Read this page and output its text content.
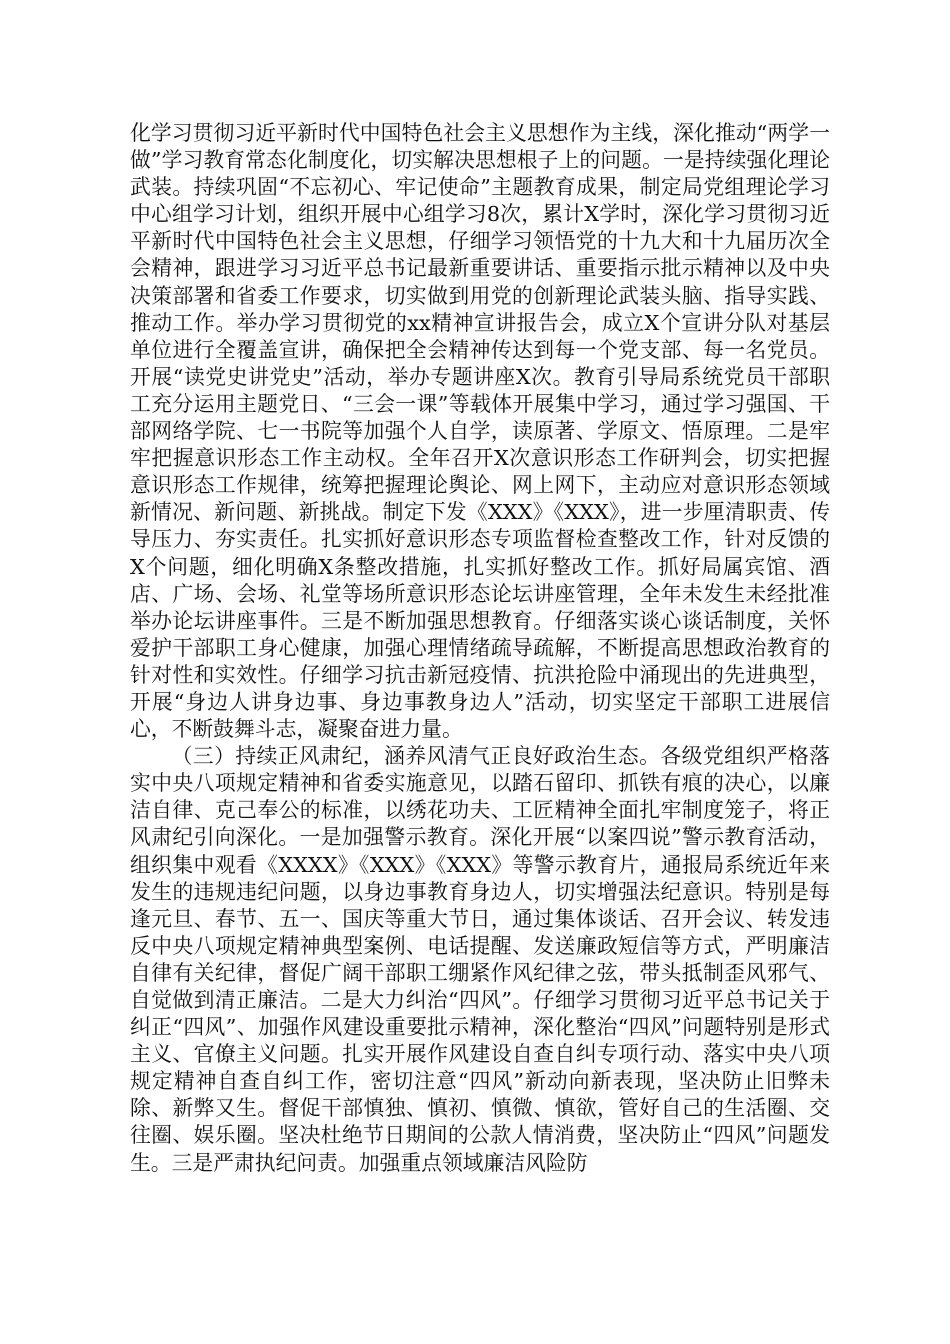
化学习贯彻习近平新时代中国特色社会主义思想作为主线，深化推动“两学一做”学习教育常态化制度化，切实解决思想根子上的问题。一是持续强化理论武装。持续巩固“不忘初心、牢记使命”主题教育成果，制定局党组理论学习中心组学习计划，组织开展中心组学习8次，累计X学时，深化学习贯彻习近平新时代中国特色社会主义思想，仔细学习领悟党的十九大和十九届历次全会精神，跟进学习习近平总书记最新重要讲话、重要指示批示精神以及中央决策部署和省委工作要求，切实做到用党的创新理论武装头脑、指导实践、推动工作。举办学习贯彻党的xx精神宣讲报告会，成立X个宣讲分队对基层单位进行全覆盖宣讲，确保把全会精神传达到每一个党支部、每一名党员。开展“读党史讲党史”活动，举办专题讲座X次。教育引导局系统党员干部职工充分运用主题党日、“三会一课”等载体开展集中学习，通过学习强国、干部网络学院、七一书院等加强个人自学，读原著、学原文、悟原理。二是牢牢把握意识形态工作主动权。全年召开X次意识形态工作研判会，切实把握意识形态工作规律，统筹把握理论舆论、网上网下，主动应对意识形态领域新情况、新问题、新挑战。制定下发《XXX》《XXX》，进一步厘清职责、传导压力、夯实责任。扎实抓好意识形态专项监督检查整改工作，针对反馈的X个问题，细化明确X条整改措施，扎实抓好整改工作。抓好局属宾馆、酒店、广场、会场、礼堂等场所意识形态论坛讲座管理，全年未发生未经批准举办论坛讲座事件。三是不断加强思想教育。仔细落实谈心谈话制度，关怀爱护干部职工身心健康，加强心理情绪疏导疏解，不断提高思想政治教育的针对性和实效性。仔细学习抗击新冠疫情、抗洪抢险中涌现出的先进典型，开展“身边人讲身边事、身边事教身边人”活动，切实坚定干部职工进展信心，不断鼓舞斗志，凝聚奋进力量。

（三）持续正风肃纪，涵养风清气正良好政治生态。各级党组织严格落实中央八项规定精神和省委实施意见，以踏石留印、抓铁有痕的决心，以廉洁自律、克己奉公的标准，以绣花功夫、工匠精神全面扎牢制度笼子，将正风肃纪引向深化。一是加强警示教育。深化开展“以案四说”警示教育活动，组织集中观看《XXXX》《XXX》《XXX》等警示教育片，通报局系统近年来发生的违规违纪问题，以身边事教育身边人，切实增强法纪意识。特别是每逢元旦、春节、五一、国庆等重大节日，通过集体谈话、召开会议、转发违反中央八项规定精神典型案例、电话提醒、发送廉政短信等方式，严明廉洁自律有关纪律，督促广阔干部职工绷紧作风纪律之弦，带头抵制歪风邪气、自觉做到清正廉洁。二是大力纠治“四风”。仔细学习贯彻习近平总书记关于纠正“四风”、加强作风建设重要批示精神，深化整治“四风”问题特别是形式主义、官僚主义问题。扎实开展作风建设自查自纠专项行动、落实中央八项规定精神自查自纠工作，密切注意“四风”新动向新表现，坚决防止旧弊未除、新弊又生。督促干部慎独、慎初、慎微、慎欲，管好自己的生活圈、交往圈、娱乐圈。坚决杜绝节日期间的公款人情消费，坚决防止“四风”问题发生。三是严肃执纪问责。加强重点领域廉洁风险防
